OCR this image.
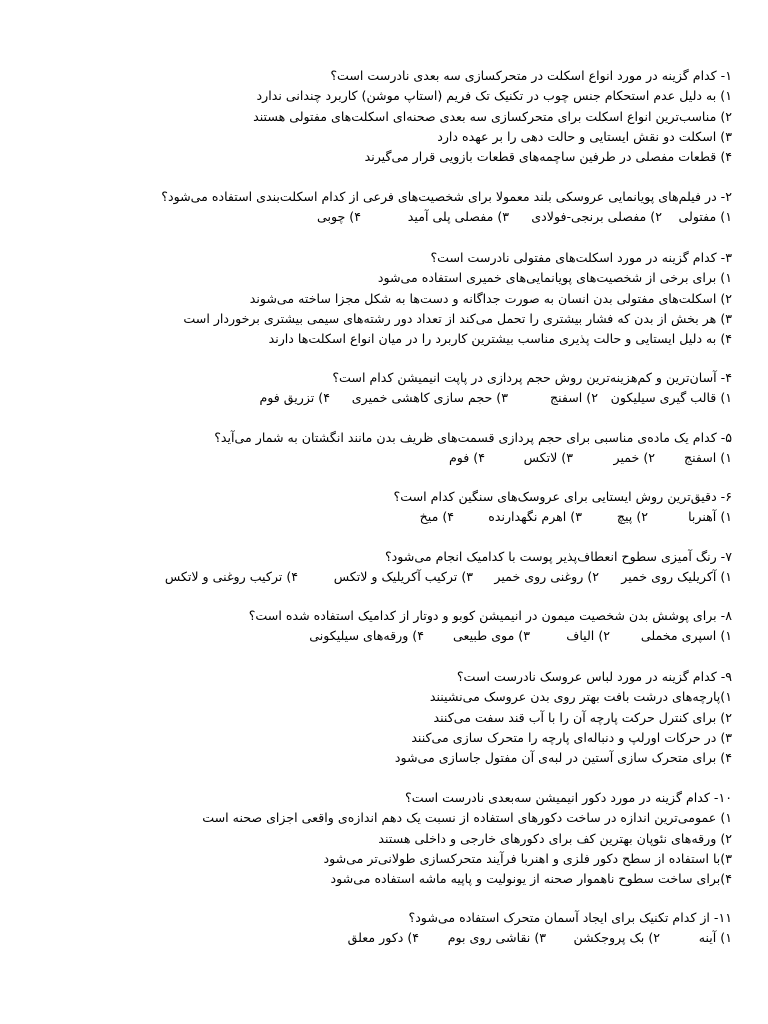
۱- کدام گزینه در مورد انواع اسکلت در متحرکسازی سه بعدی نادرست است؟
۱) به دلیل عدم استحکام جنس چوب در تکنیک تک فریم (استاپ موشن) کاربرد چندانی ندارد
۲) مناسب‌ترین انواع اسکلت برای متحرکسازی سه بعدی صحنه‌ای اسکلت‌های مفتولی هستند
۳) اسکلت دو نقش ایستایی و حالت دهی را بر عهده دارد
۴) قطعات مفصلی در طرفین ساچمه‌های قطعات بازویی قرار می‌گیرند
۲- در فیلم‌های پویانمایی عروسکی بلند معمولا برای شخصیت‌های فرعی از کدام اسکلت‌بندی استفاده می‌شود؟
۱) مفتولی
۲) مفصلی برنجی-فولادی
۳) مفصلی پلی آمید
۴) چوبی
۳- کدام گزینه در مورد اسکلت‌های مفتولی نادرست است؟
۱) برای برخی از شخصیت‌های پویانمایی‌های خمیری استفاده می‌شود
۲) اسکلت‌های مفتولی بدن انسان به صورت جداگانه و دست‌ها به شکل مجزا ساخته می‌شوند
۳) هر بخش از بدن که فشار بیشتری را تحمل می‌کند از تعداد دور رشته‌های سیمی بیشتری برخوردار است
۴) به دلیل ایستایی و حالت پذیری مناسب بیشترین کاربرد را در میان انواع اسکلت‌ها دارند
۴- آسان‌ترین و کم‌هزینه‌ترین روش حجم پردازی در پاپت انیمیشن کدام است؟
۱) قالب گیری سیلیکون
۲) اسفنج
۳) حجم سازی کاهشی خمیری
۴) تزریق فوم
۵- کدام یک ماده‌ی مناسبی برای حجم پردازی قسمت‌های ظریف بدن مانند انگشتان به شمار می‌آید؟
۱) اسفنج
۲) خمیر
۳) لاتکس
۴) فوم
۶- دقیق‌ترین روش ایستایی برای عروسک‌های سنگین کدام است؟
۱) آهنربا
۲) پیچ
۳) اهرم نگهدارنده
۴) میخ
۷- رنگ آمیزی سطوح انعطاف‌پذیر پوست با کدامیک انجام می‌شود؟
۱) آکریلیک روی خمیر
۲) روغنی روی خمیر
۳) ترکیب آکریلیک و لاتکس
۴) ترکیب روغنی و لاتکس
۸- برای پوشش بدن شخصیت میمون در انیمیشن کوبو و دوتار از کدامیک استفاده شده است؟
۱) اسپری مخملی
۲) الیاف
۳) موی طبیعی
۴) ورقه‌های سیلیکونی
۹- کدام گزینه در مورد لباس عروسک نادرست است؟
۱)پارچه‌های درشت بافت بهتر روی بدن عروسک می‌نشینند
۲) برای کنترل حرکت پارچه آن را با آب قند سفت می‌کنند
۳) در حرکات اورلپ و دنباله‌ای پارچه را متحرک سازی می‌کنند
۴) برای متحرک سازی آستین در لبه‌ی آن مفتول جاسازی می‌شود
۱۰- کدام گزینه در مورد دکور انیمیشن سه‌بعدی نادرست است؟
۱) عمومی‌ترین اندازه در ساخت دکورهای استفاده از نسبت یک دهم اندازه‌ی واقعی اجزای صحنه است
۲) ورقه‌های نئوپان بهترین کف برای دکورهای خارجی و داخلی هستند
۳)با استفاده از سطح دکور فلزی و اهنربا فرآیند متحرکسازی طولانی‌تر می‌شود
۴)برای ساخت سطوح ناهموار صحنه از یونولیت و پاپیه ماشه استفاده می‌شود
۱۱- از کدام تکنیک برای ایجاد آسمان متحرک استفاده می‌شود؟
۱) آینه
۲) بک پروجکشن
۳) نقاشی روی بوم
۴) دکور معلق
